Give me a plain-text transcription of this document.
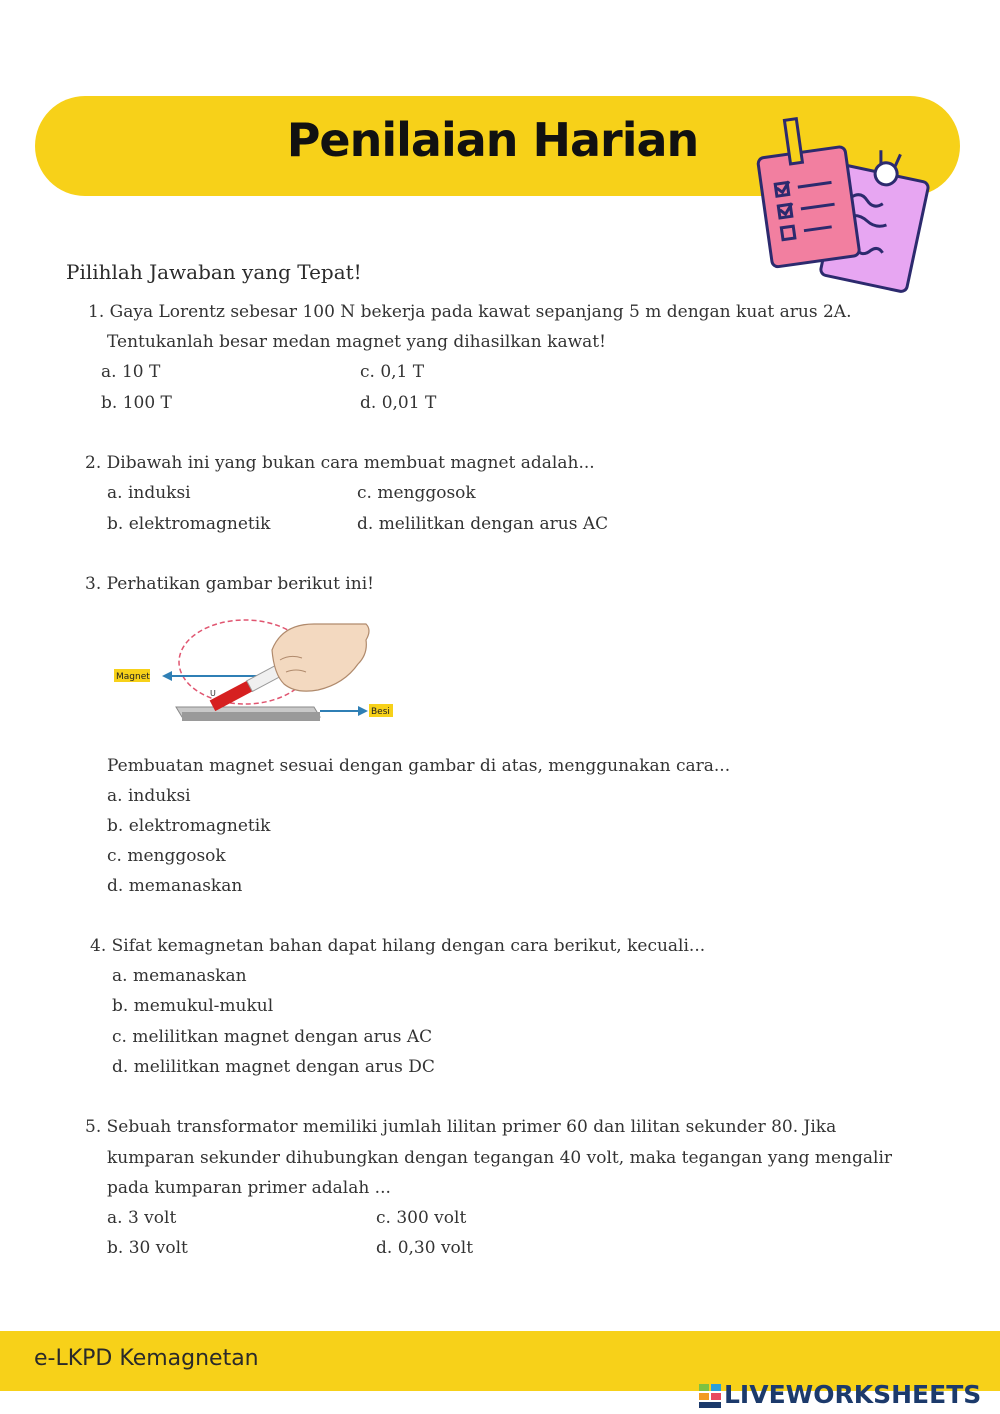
Penilaian Harian
Pilihlah Jawaban yang Tepat!
1. Gaya Lorentz sebesar 100 N bekerja pada kawat sepanjang 5 m dengan kuat arus 2A.
Tentukanlah besar medan magnet yang dihasilkan kawat!
a. 10 T	c. 0,1 T
b. 100 T	d. 0,01 T
2. Dibawah ini yang bukan cara membuat magnet adalah...
a. induksi	c. menggosok
b. elektromagnetik	d. melilitkan dengan arus AC
3. Perhatikan gambar berikut ini!
U
Magnet
Besi
Pembuatan magnet sesuai dengan gambar di atas, menggunakan cara...
a. induksi
b. elektromagnetik
c. menggosok
d. memanaskan
4. Sifat kemagnetan bahan dapat hilang dengan cara berikut, kecuali...
a. memanaskan
b. memukul-mukul
c. melilitkan magnet dengan arus AC
d. melilitkan magnet dengan arus DC
5. Sebuah transformator memiliki jumlah lilitan primer 60 dan lilitan sekunder 80. Jika
kumparan sekunder dihubungkan dengan tegangan 40 volt, maka tegangan yang mengalir
pada kumparan primer adalah ...
a. 3 volt	c. 300 volt
b. 30 volt	d. 0,30 volt
e-LKPD Kemagnetan
LIVEWORKSHEETS
